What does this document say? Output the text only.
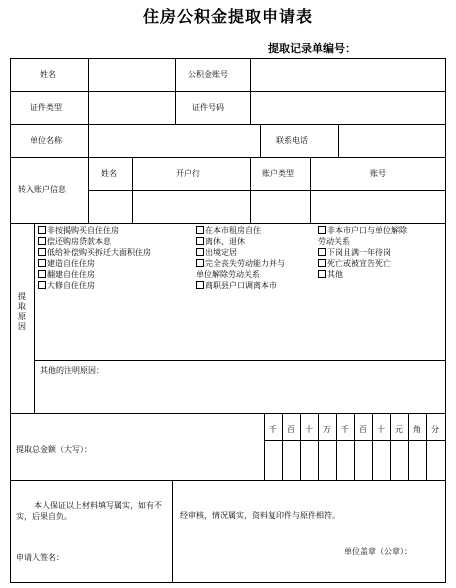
住房公积金提取申请表
提取记录单编号：
姓名	公积金账号
证件类型	证件号码
单位名称	联系电话
转入账户信息
姓名	开户行	账户类型	账号
提取原因
非按揭购买自住住房
偿还购房贷款本息
低给补偿购买拆迁大面积住房
建造自住住房
翻建自住住房
大修自住住房
在本市租房自住
离休、退休
出境定居
完全丧失劳动能力并与
单位解除劳动关系
商职县户口调离本市
非本市户口与单位解除
劳动关系
下岗且满一年待岗
死亡或被宣告死亡
其他
其他的注明原因：
提取总金额（大写）：
千	百	十	万	千	百	十	元	角	分
本人保证以上材料填写属实，如有不实，后果自负。
申请人签名：
经审核，情况属实，资料复印件与原件相符。
单位盖章（公章）：
